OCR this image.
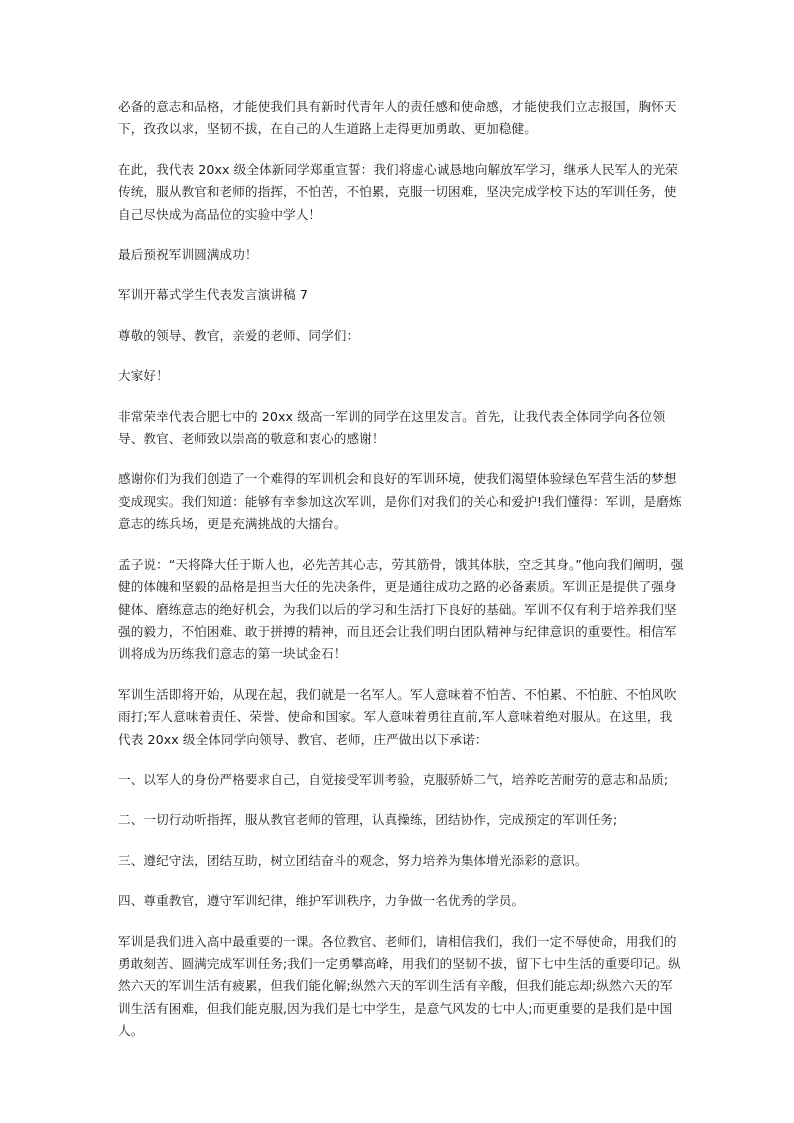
必备的意志和品格，才能使我们具有新时代青年人的责任感和使命感，才能使我们立志报国，胸怀天下，孜孜以求，坚韧不拔，在自己的人生道路上走得更加勇敢、更加稳健。

在此，我代表 20xx 级全体新同学郑重宣誓：我们将虚心诚恳地向解放军学习，继承人民军人的光荣传统，服从教官和老师的指挥，不怕苦，不怕累，克服一切困难，坚决完成学校下达的军训任务，使自己尽快成为高品位的实验中学人！

最后预祝军训圆满成功！

军训开幕式学生代表发言演讲稿 7

尊敬的领导、教官，亲爱的老师、同学们：

大家好！

非常荣幸代表合肥七中的 20xx 级高一军训的同学在这里发言。首先，让我代表全体同学向各位领导、教官、老师致以崇高的敬意和衷心的感谢！

感谢你们为我们创造了一个难得的军训机会和良好的军训环境，使我们渴望体验绿色军营生活的梦想变成现实。我们知道：能够有幸参加这次军训，是你们对我们的关心和爱护!我们懂得：军训，是磨炼意志的练兵场，更是充满挑战的大擂台。

孟子说：“天将降大任于斯人也，必先苦其心志，劳其筋骨，饿其体肤，空乏其身。”他向我们阐明，强健的体魄和坚毅的品格是担当大任的先决条件，更是通往成功之路的必备素质。军训正是提供了强身健体、磨练意志的绝好机会，为我们以后的学习和生活打下良好的基础。军训不仅有利于培养我们坚强的毅力，不怕困难、敢于拼搏的精神，而且还会让我们明白团队精神与纪律意识的重要性。相信军训将成为历练我们意志的第一块试金石！

军训生活即将开始，从现在起，我们就是一名军人。军人意味着不怕苦、不怕累、不怕脏、不怕风吹雨打;军人意味着责任、荣誉、使命和国家。军人意味着勇往直前,军人意味着绝对服从。在这里，我代表 20xx 级全体同学向领导、教官、老师，庄严做出以下承诺：

一、以军人的身份严格要求自己，自觉接受军训考验，克服骄娇二气，培养吃苦耐劳的意志和品质;

二、一切行动听指挥，服从教官老师的管理，认真操练，团结协作，完成预定的军训任务;

三、遵纪守法，团结互助，树立团结奋斗的观念，努力培养为集体增光添彩的意识。

四、尊重教官，遵守军训纪律，维护军训秩序，力争做一名优秀的学员。

军训是我们进入高中最重要的一课。各位教官、老师们，请相信我们，我们一定不辱使命，用我们的勇敢刻苦、圆满完成军训任务;我们一定勇攀高峰，用我们的坚韧不拔，留下七中生活的重要印记。纵然六天的军训生活有疲累，但我们能化解;纵然六天的军训生活有辛酸，但我们能忘却;纵然六天的军训生活有困难，但我们能克服,因为我们是七中学生，是意气风发的七中人;而更重要的是我们是中国人。
